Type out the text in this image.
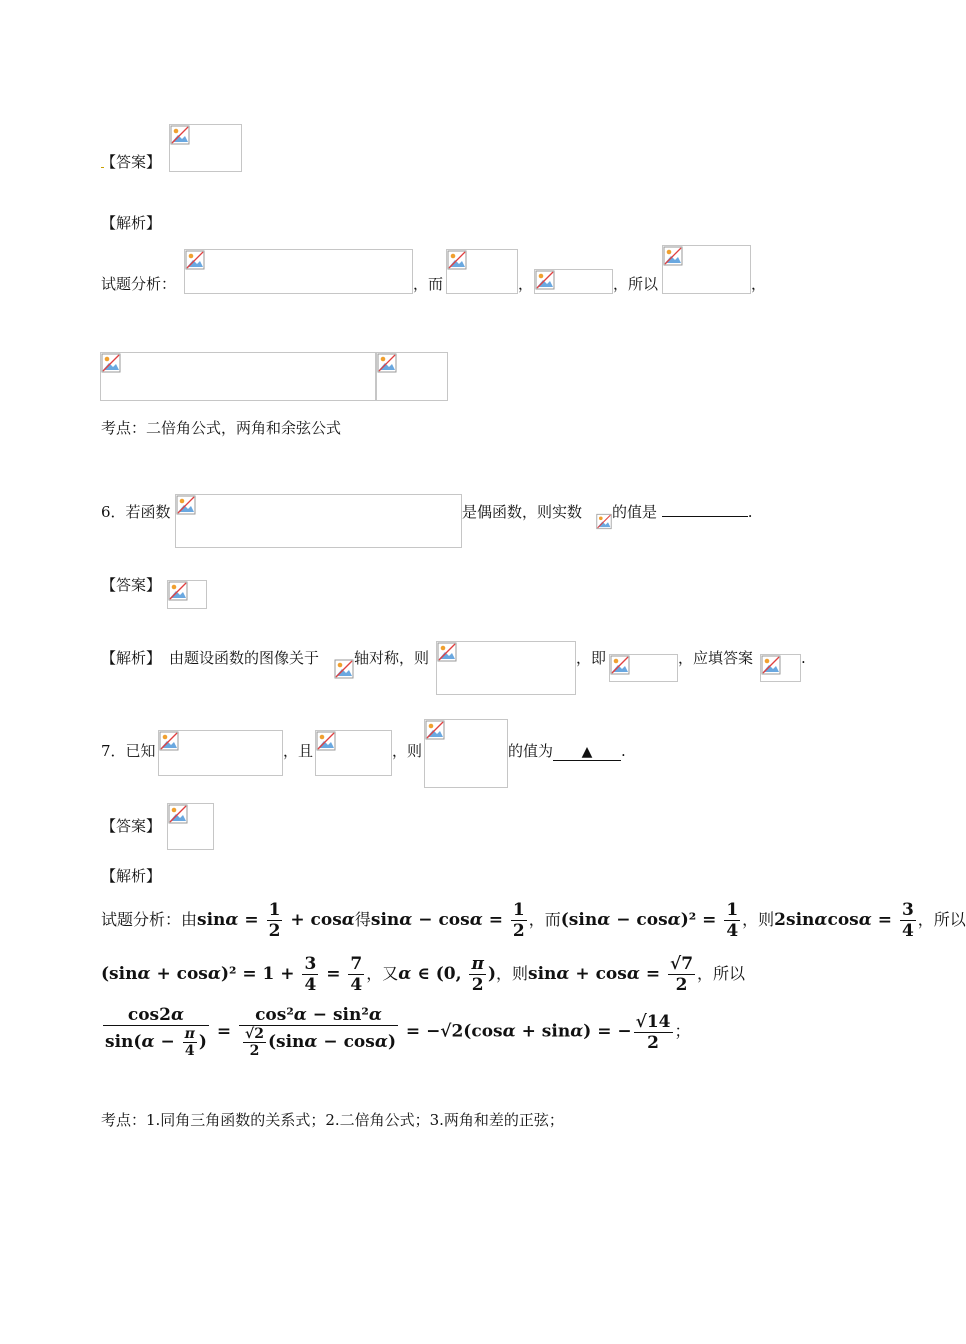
【答案】
【解析】
试题分析：	，而	，	，所以	，
考点：二倍角公式，两角和余弦公式
6．若函数	是偶函数，则实数 的值是	.
【答案】
【解析】 由题设函数的图像关于 轴对称，则	，即	，应填答案	.
7．已知	，且	，则	的值为 ▲ .
【答案】
【解析】
试题分析：由$\sin\alpha = \frac{1}{2} + \cos\alpha$得$\sin\alpha - \cos\alpha = \frac{1}{2}$ ，而$(\sin\alpha - \cos\alpha)^2 = \frac{1}{4}$ ，则$2\sin\alpha\cos\alpha = \frac{3}{4}$ ，所以
$(\sin\alpha + \cos\alpha)^2 = 1 + \frac{3}{4} = \frac{7}{4}$ ，又α ∈ (0, $\frac{\pi}{2}$ )，则$\sin\alpha + \cos\alpha = \frac{√7}{2}$ ，所以
$\frac{\cos 2\alpha}{\sin(\alpha - \frac{\pi}{4} )} = \frac{\text{cos²α − sin²α}}{\frac{√2}{2} (\sin\alpha - \cos\alpha)} = -√2(\cos\alpha + \sin\alpha)$ = − $\frac{√14}{2}$ ；
考点：1.同角三角函数的关系式；2.二倍角公式；3.两角和差的正弦；
